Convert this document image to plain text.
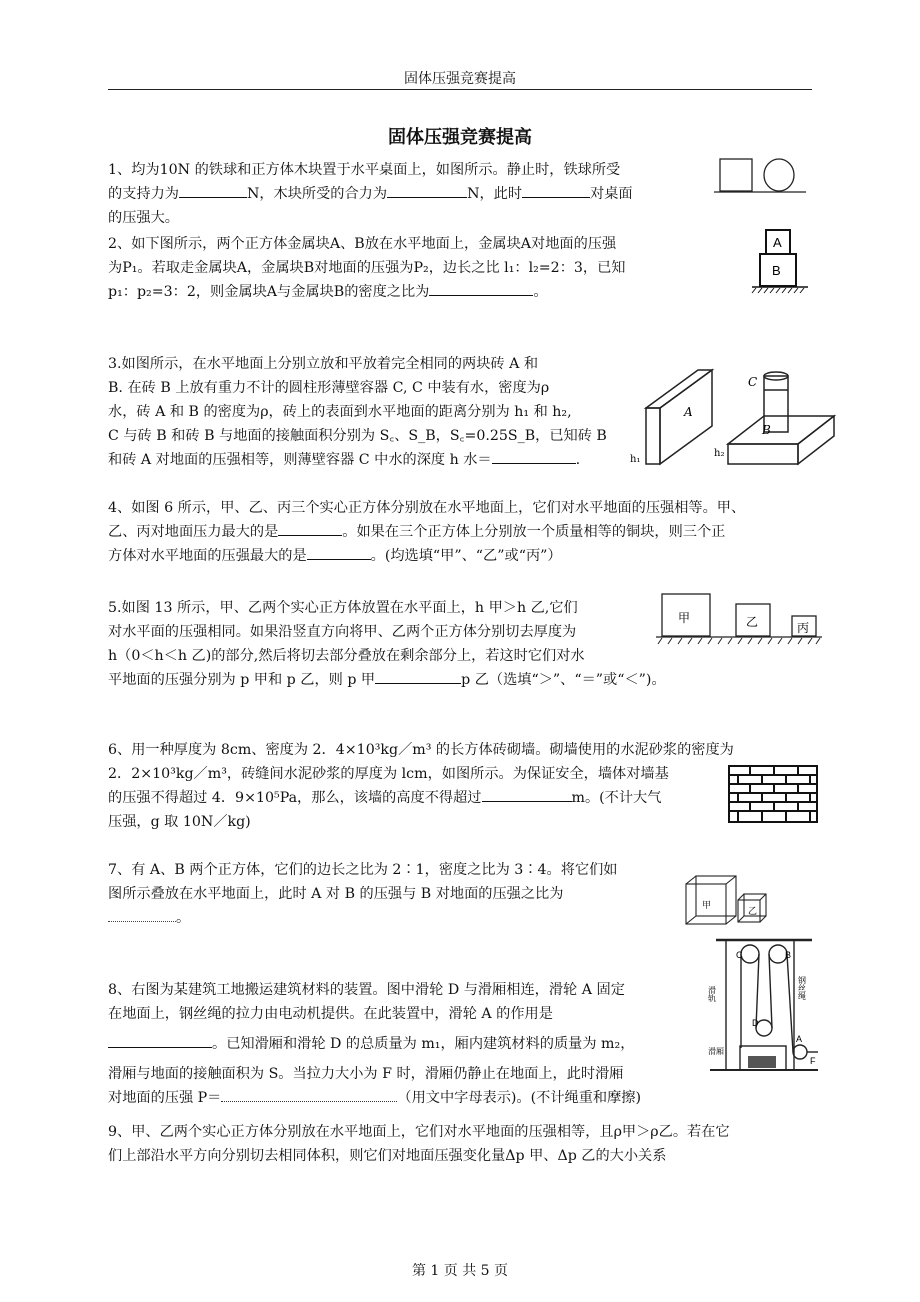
固体压强竞赛提高
固体压强竞赛提高
1、均为10N 的铁球和正方体木块置于水平桌面上，如图所示。静止时，铁球所受
的支持力为	N，木块所受的合力为	N，此时	对桌面
的压强大。
2、如下图所示，两个正方体金属块A、B放在水平地面上，金属块A对地面的压强
为P₁。若取走金属块A，金属块B对地面的压强为P₂，边长之比 l₁：l₂=2：3，已知
p₁：p₂=3：2，则金属块A与金属块B的密度之比为	。
A
B
3.如图所示，在水平地面上分别立放和平放着完全相同的两块砖 A 和
B. 在砖 B 上放有重力不计的圆柱形薄壁容器 C, C 中装有水，密度为ρ
水，砖 A 和 B 的密度为ρ，砖上的表面到水平地面的距离分别为 h₁ 和 h₂,
C 与砖 B 和砖 B 与地面的接触面积分别为 S꜀、S_B，S꜀=0.25S_B，已知砖 B
和砖 A 对地面的压强相等，则薄壁容器 C 中水的深度 h 水＝	.
A
B
C
h₁
h₂
4、如图 6 所示，甲、乙、丙三个实心正方体分别放在水平地面上，它们对水平地面的压强相等。甲、
乙、丙对地面压力最大的是	。如果在三个正方体上分别放一个质量相等的铜块，则三个正
方体对水平地面的压强最大的是	。(均选填“甲”、“乙”或“丙”）
5.如图 13 所示，甲、乙两个实心正方体放置在水平面上，h 甲＞h 乙,它们
对水平面的压强相同。如果沿竖直方向将甲、乙两个正方体分别切去厚度为
h（0＜h＜h 乙)的部分,然后将切去部分叠放在剩余部分上，若这时它们对水
平地面的压强分别为 p 甲和 p 乙，则 p 甲	p 乙（选填“＞”、“＝”或“＜”)。
甲	乙	丙
6、用一种厚度为 8cm、密度为 2．4×10³kg／m³ 的长方体砖砌墙。砌墙使用的水泥砂浆的密度为
2．2×10³kg／m³，砖缝间水泥砂浆的厚度为 lcm，如图所示。为保证安全，墙体对墙基
的压强不得超过 4．9×10⁵Pa，那么，该墙的高度不得超过	m。(不计大气
压强，g 取 10N／kg)
7、有 A、B 两个正方体，它们的边长之比为 2∶1，密度之比为 3∶4。将它们如
图所示叠放在水平地面上，此时 A 对 B 的压强与 B 对地面的压强之比为
。
甲
乙
8、右图为某建筑工地搬运建筑材料的装置。图中滑轮 D 与滑厢相连，滑轮 A 固定
在地面上，钢丝绳的拉力由电动机提供。在此装置中，滑轮 A 的作用是
。已知滑厢和滑轮 D 的总质量为 m₁，厢内建筑材料的质量为 m₂，
滑厢与地面的接触面积为 S。当拉力大小为 F 时，滑厢仍静止在地面上，此时滑厢
对地面的压强 P＝	（用文中字母表示)。(不计绳重和摩擦)
C	B
D
A
F
滑轨	钢丝绳
滑厢
9、甲、乙两个实心正方体分别放在水平地面上，它们对水平地面的压强相等，且ρ甲＞ρ乙。若在它
们上部沿水平方向分别切去相同体积，则它们对地面压强变化量Δp 甲、Δp 乙的大小关系
第 1 页 共 5 页
